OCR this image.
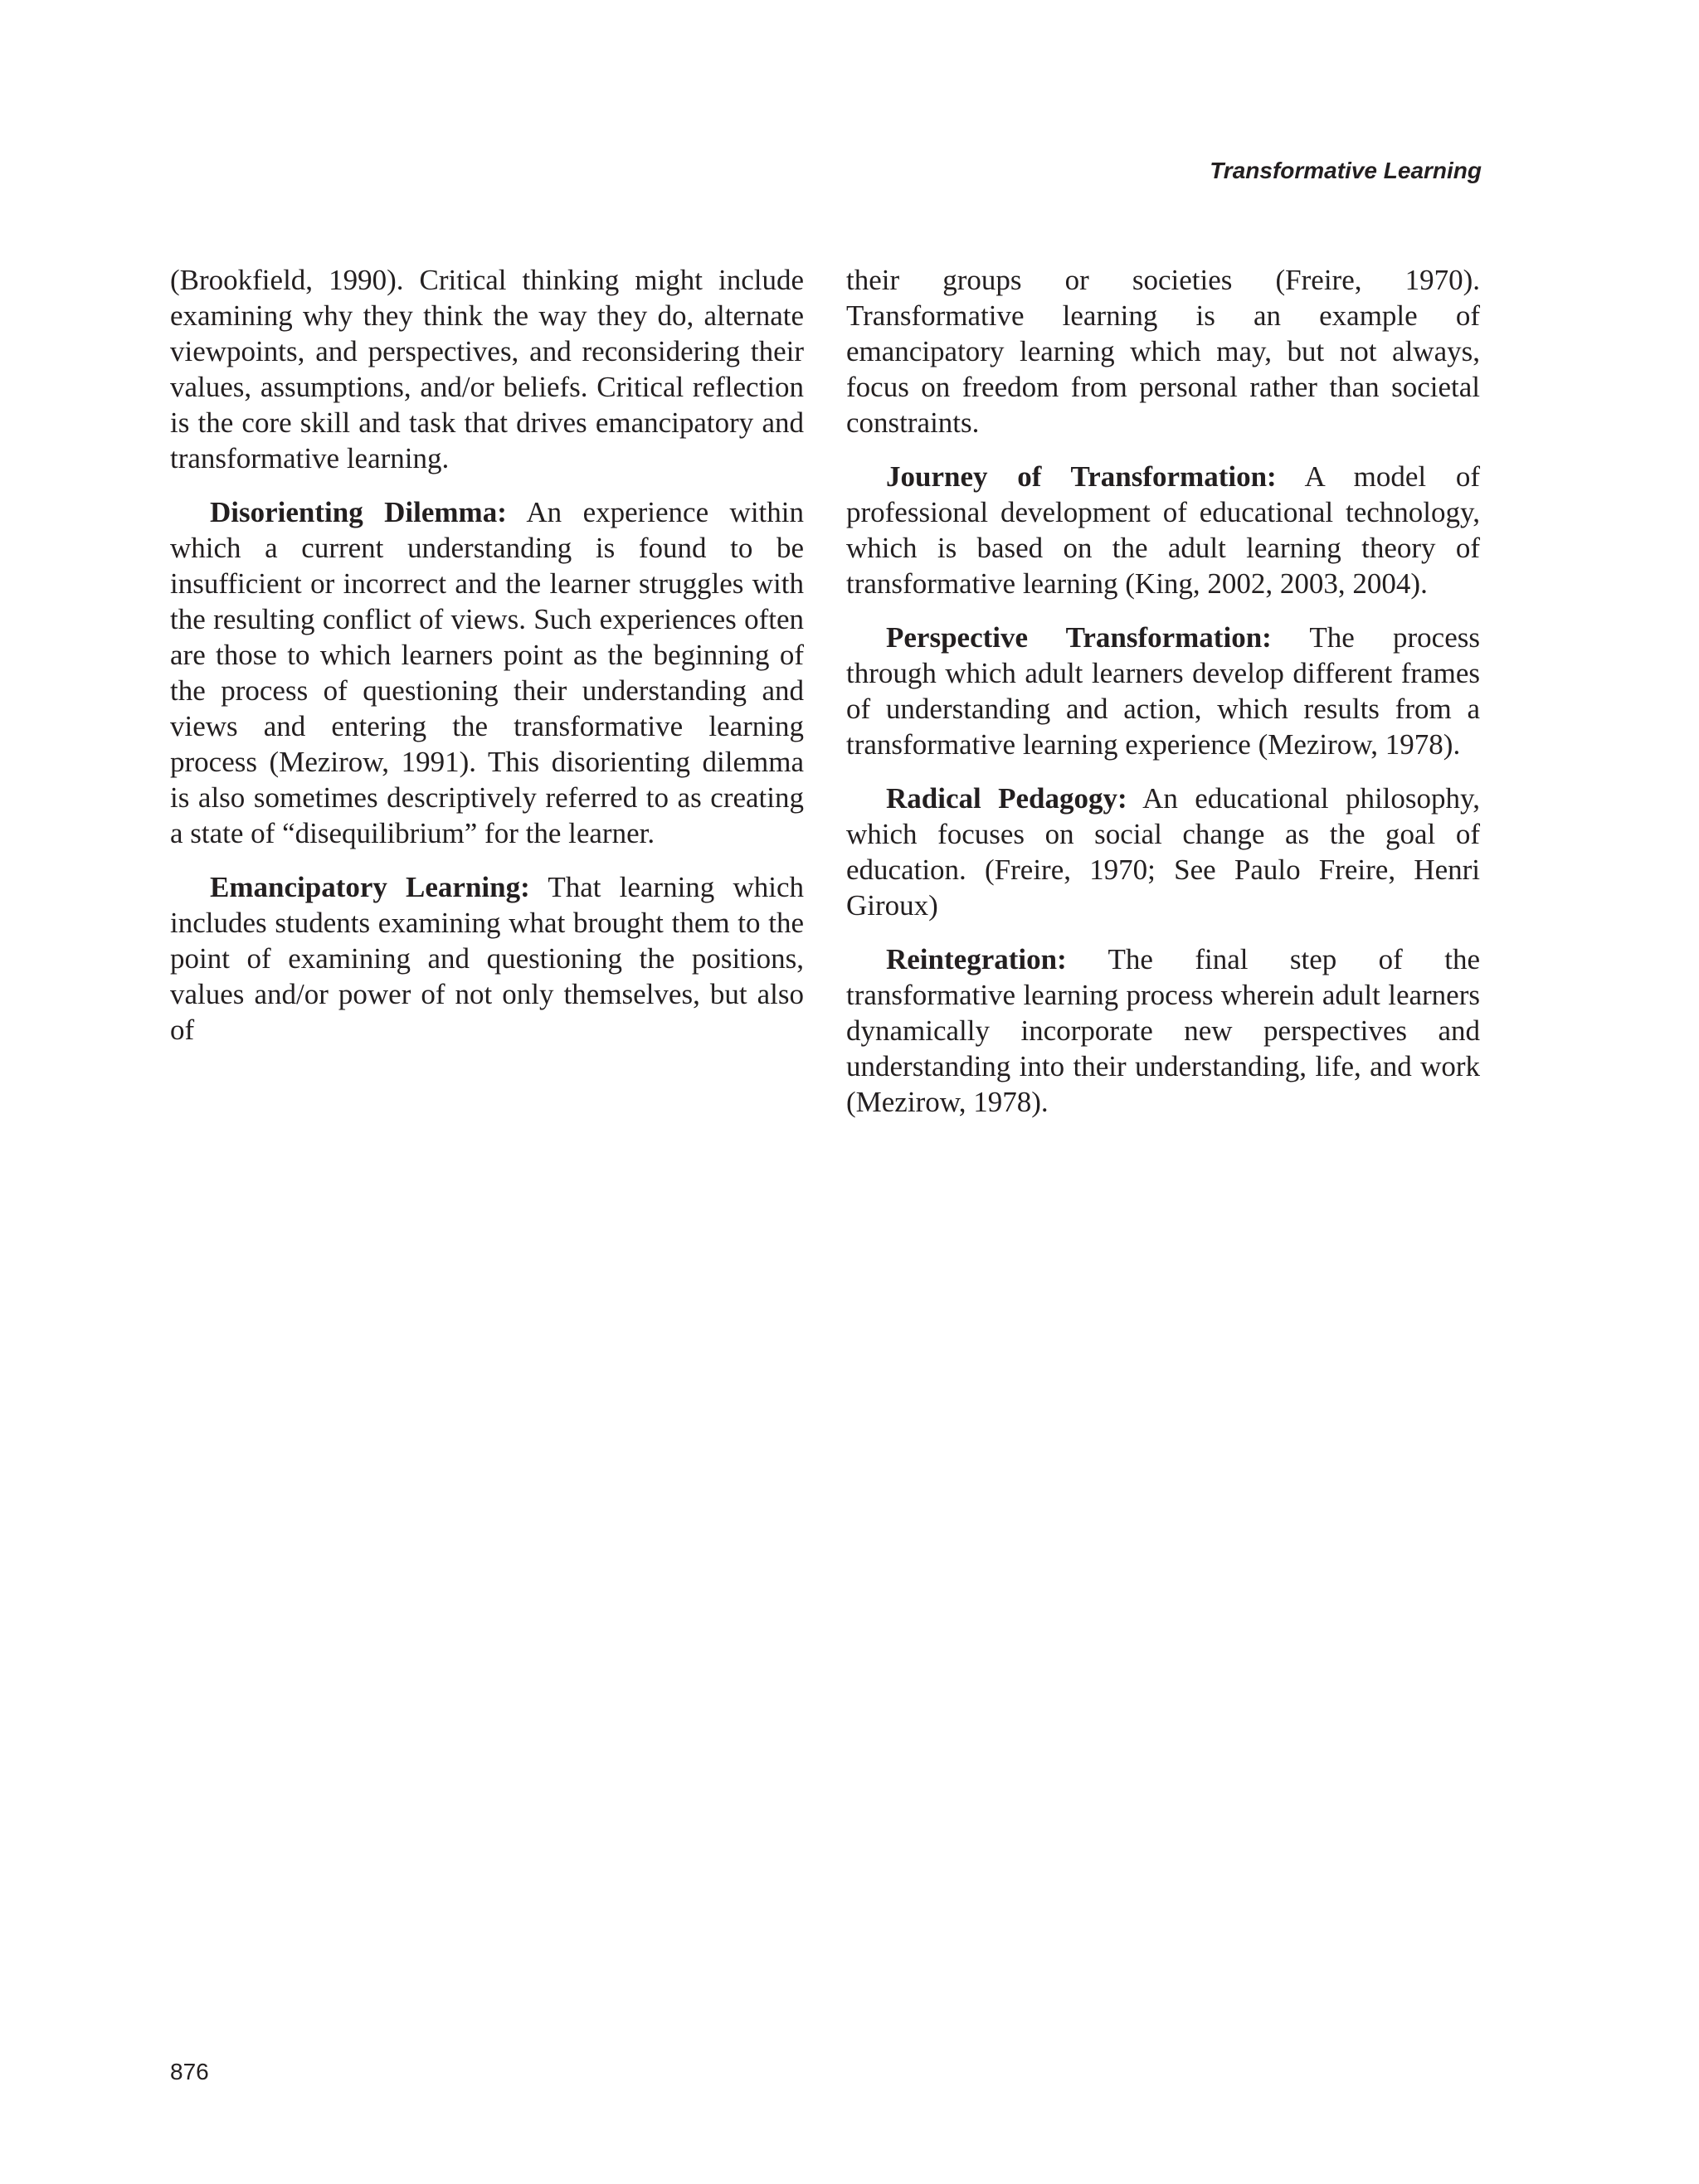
Transformative Learning

(Brookfield, 1990). Critical thinking might include examining why they think the way they do, alternate viewpoints, and perspectives, and reconsidering their values, assumptions, and/or beliefs. Critical reflection is the core skill and task that drives emancipatory and transformative learning.

Disorienting Dilemma: An experience within which a current understanding is found to be insufficient or incorrect and the learner struggles with the resulting conflict of views. Such experiences often are those to which learners point as the beginning of the process of questioning their understanding and views and entering the transformative learning process (Mezirow, 1991). This disorienting dilemma is also sometimes descriptively referred to as creating a state of “disequilibrium” for the learner.

Emancipatory Learning: That learning which includes students examining what brought them to the point of examining and questioning the positions, values and/or power of not only themselves, but also of

their groups or societies (Freire, 1970). Transformative learning is an example of emancipatory learning which may, but not always, focus on freedom from personal rather than societal constraints.

Journey of Transformation: A model of professional development of educational technology, which is based on the adult learning theory of transformative learning (King, 2002, 2003, 2004).

Perspective Transformation: The process through which adult learners develop different frames of understanding and action, which results from a transformative learning experience (Mezirow, 1978).

Radical Pedagogy: An educational philosophy, which focuses on social change as the goal of education. (Freire, 1970; See Paulo Freire, Henri Giroux)

Reintegration: The final step of the transformative learning process wherein adult learners dynamically incorporate new perspectives and understanding into their understanding, life, and work (Mezirow, 1978).

876
